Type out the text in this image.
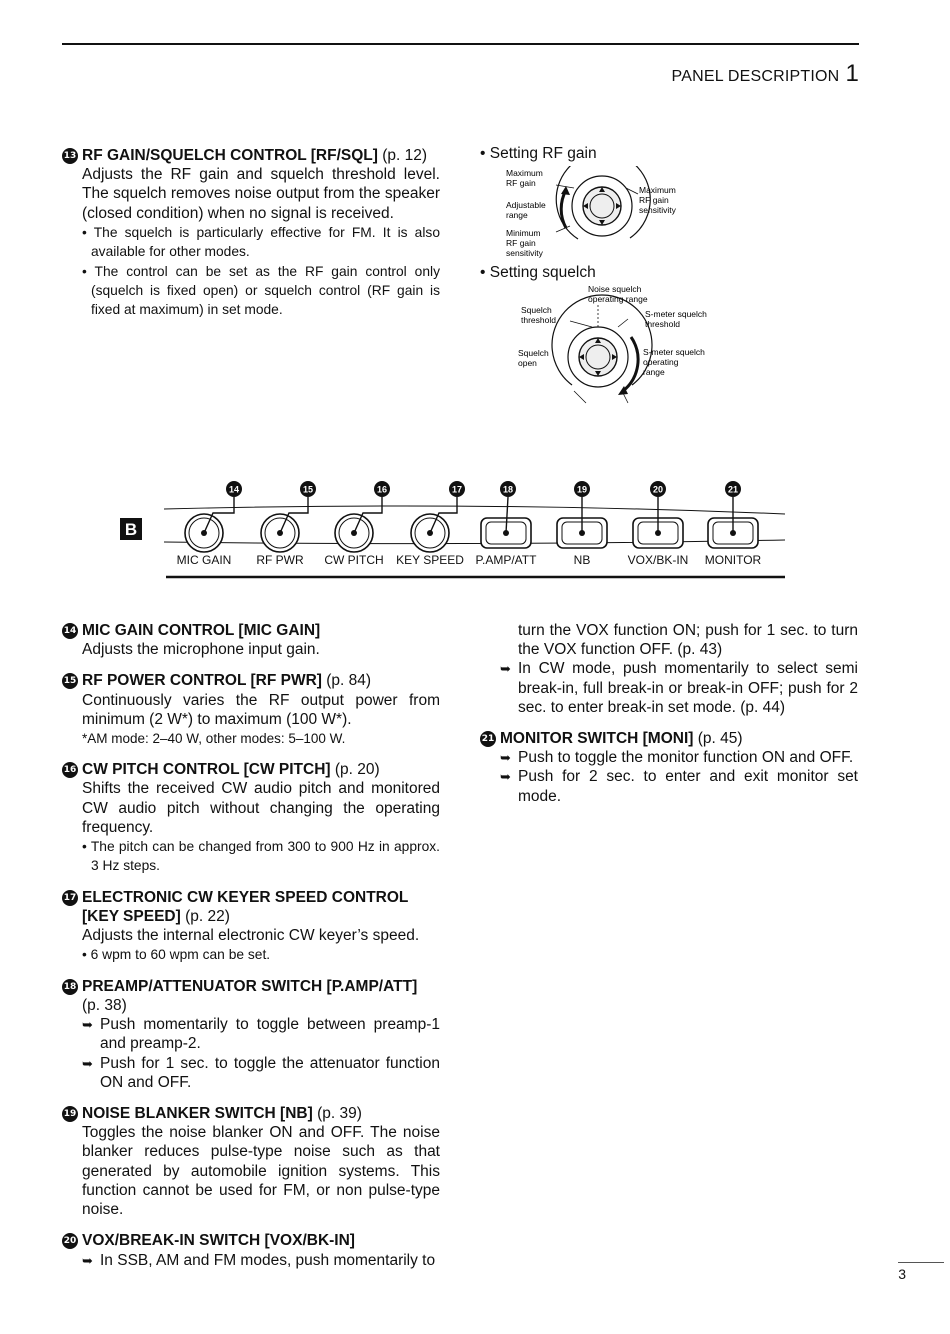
PANEL DESCRIPTION 1
13 RF GAIN/SQUELCH CONTROL [RF/SQL] (p. 12)
Adjusts the RF gain and squelch threshold level. The squelch removes noise output from the speaker (closed condition) when no signal is received.
• The squelch is particularly effective for FM. It is also available for other modes.
• The control can be set as the RF gain control only (squelch is fixed open) or squelch control (RF gain is fixed at maximum) in set mode.
• Setting RF gain
Maximum
RF gain
Adjustable
range
Minimum
RF gain
sensitivity
Maximum
RF gain
sensitivity
• Setting squelch
Noise squelch
operating range
Squelch
threshold
S-meter squelch
threshold
Squelch
open
S-meter squelch
operating
range
B
14
MIC GAIN
15
RF PWR
16
CW PITCH
17
KEY SPEED
18
P.AMP/ATT
19
NB
20
VOX/BK-IN
21
MONITOR
14 MIC GAIN CONTROL [MIC GAIN]
Adjusts the microphone input gain.
15 RF POWER CONTROL [RF PWR] (p. 84)
Continuously varies the RF output power from minimum (2 W*) to maximum (100 W*).
*AM mode: 2–40 W, other modes: 5–100 W.
16 CW PITCH CONTROL [CW PITCH] (p. 20)
Shifts the received CW audio pitch and monitored CW audio pitch without changing the operating frequency.
• The pitch can be changed from 300 to 900 Hz in approx. 3 Hz steps.
17 ELECTRONIC CW KEYER SPEED CONTROL
[KEY SPEED] (p. 22)
Adjusts the internal electronic CW keyer’s speed.
• 6 wpm to 60 wpm can be set.
18 PREAMP/ATTENUATOR SWITCH [P.AMP/ATT]
(p. 38)
➥ Push momentarily to toggle between preamp-1 and preamp-2.
➥ Push for 1 sec. to toggle the attenuator function ON and OFF.
19 NOISE BLANKER SWITCH [NB] (p. 39)
Toggles the noise blanker ON and OFF. The noise blanker reduces pulse-type noise such as that generated by automobile ignition systems. This function cannot be used for FM, or non pulse-type noise.
20 VOX/BREAK-IN SWITCH [VOX/BK-IN]
➥ In SSB, AM and FM modes, push momentarily to
turn the VOX function ON; push for 1 sec. to turn the VOX function OFF. (p. 43)
➥ In CW mode, push momentarily to select semi break-in, full break-in or break-in OFF; push for 2 sec. to enter break-in set mode. (p. 44)
21 MONITOR SWITCH [MONI] (p. 45)
➥ Push to toggle the monitor function ON and OFF.
➥ Push for 2 sec. to enter and exit monitor set mode.
3
